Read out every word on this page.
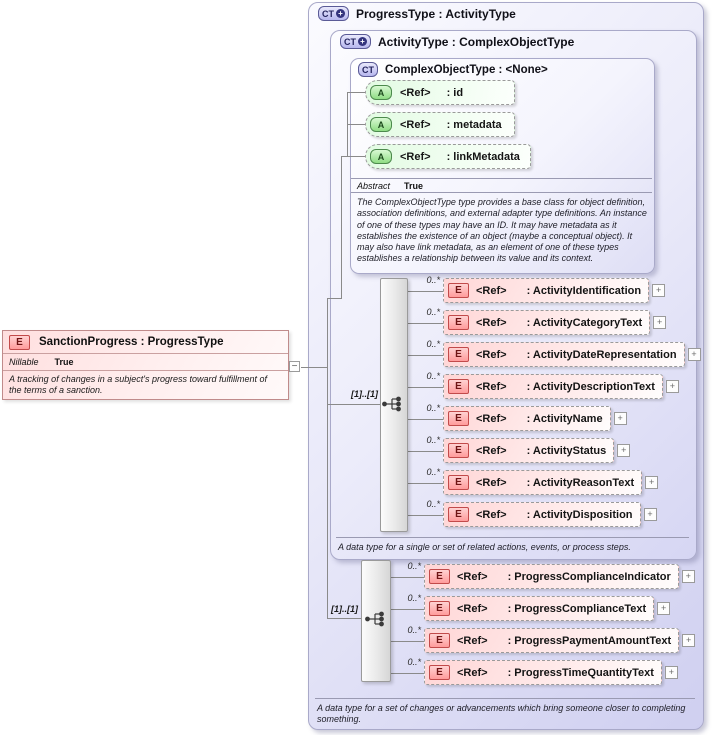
CT + ProgressType : ActivityType
CT + ActivityType : ComplexObjectType
CT ComplexObjectType : <None>
[1]..[1]
[1]..[1]
A	<Ref> : id
A	<Ref> : metadata
A	<Ref> : linkMetadata
Abstract True
The ComplexObjectType type provides a base class for object definition, association definitions, and external adapter type definitions. An instance of one of these types may have an ID. It may have metadata as it establishes the existence of an object (maybe a conceptual object). It may also have link metadata, as an element of one of these types establishes a relationship between its value and its context.
0..*
E	<Ref> : ActivityIdentification	+
0..*
E	<Ref> : ActivityCategoryText	+
0..*
E	<Ref> : ActivityDateRepresentation	+
0..*
E	<Ref> : ActivityDescriptionText	+
0..*
E	<Ref> : ActivityName	+
0..*
E	<Ref> : ActivityStatus	+
0..*
E	<Ref> : ActivityReasonText	+
0..*
E	<Ref> : ActivityDisposition	+
A data type for a single or set of related actions, events, or process steps.
0..*
E	<Ref> : ProgressComplianceIndicator	+
0..*
E	<Ref> : ProgressComplianceText	+
0..*
E	<Ref> : ProgressPaymentAmountText	+
0..*
E	<Ref> : ProgressTimeQuantityText	+
A data type for a set of changes or advancements which bring someone closer to completing something.
E	SanctionProgress : ProgressType
Nillable True
A tracking of changes in a subject's progress toward fulfillment of the terms of a sanction.
−
